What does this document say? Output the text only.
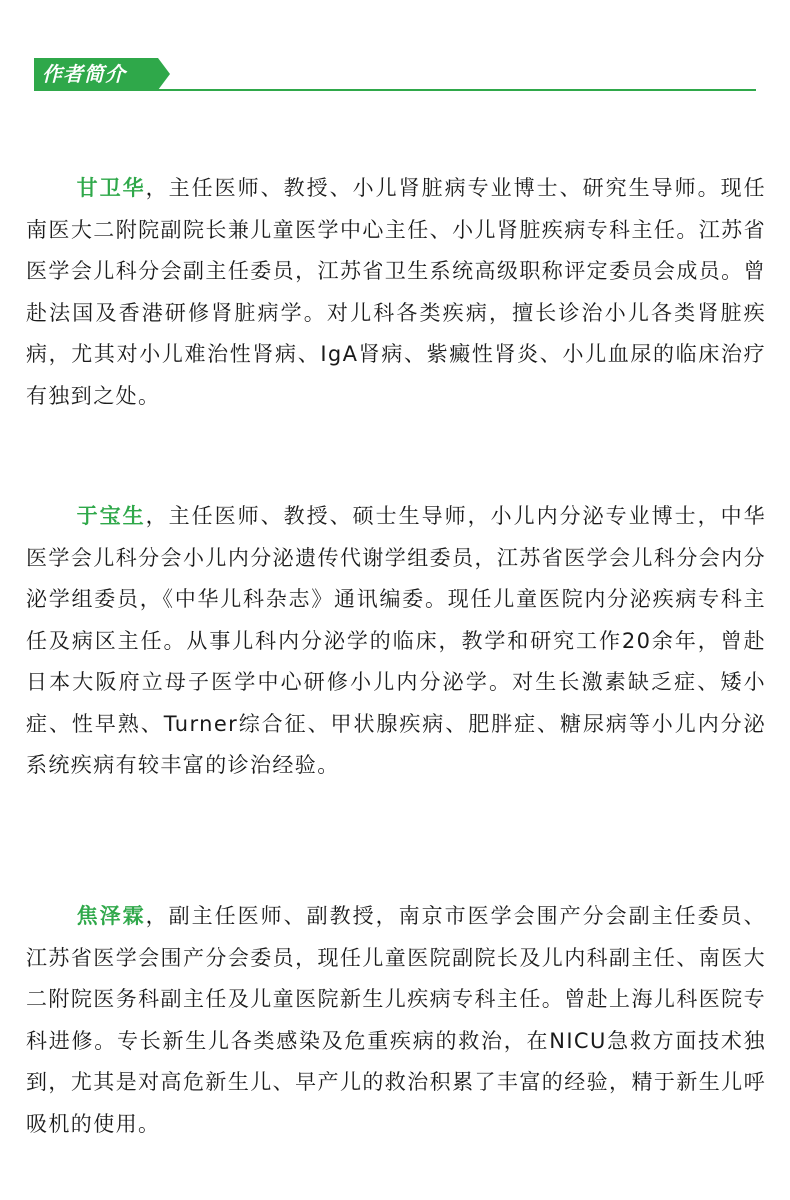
作者简介

甘卫华，主任医师、教授、小儿肾脏病专业博士、研究生导师。现任南医大二附院副院长兼儿童医学中心主任、小儿肾脏疾病专科主任。江苏省医学会儿科分会副主任委员，江苏省卫生系统高级职称评定委员会成员。曾赴法国及香港研修肾脏病学。对儿科各类疾病，擅长诊治小儿各类肾脏疾病，尤其对小儿难治性肾病、IgA肾病、紫癜性肾炎、小儿血尿的临床治疗有独到之处。

于宝生，主任医师、教授、硕士生导师，小儿内分泌专业博士，中华医学会儿科分会小儿内分泌遗传代谢学组委员，江苏省医学会儿科分会内分泌学组委员，《中华儿科杂志》通讯编委。现任儿童医院内分泌疾病专科主任及病区主任。从事儿科内分泌学的临床，教学和研究工作20余年，曾赴日本大阪府立母子医学中心研修小儿内分泌学。对生长激素缺乏症、矮小症、性早熟、Turner综合征、甲状腺疾病、肥胖症、糖尿病等小儿内分泌系统疾病有较丰富的诊治经验。

焦泽霖，副主任医师、副教授，南京市医学会围产分会副主任委员、江苏省医学会围产分会委员，现任儿童医院副院长及儿内科副主任、南医大二附院医务科副主任及儿童医院新生儿疾病专科主任。曾赴上海儿科医院专科进修。专长新生儿各类感染及危重疾病的救治，在NICU急救方面技术独到，尤其是对高危新生儿、早产儿的救治积累了丰富的经验，精于新生儿呼吸机的使用。
